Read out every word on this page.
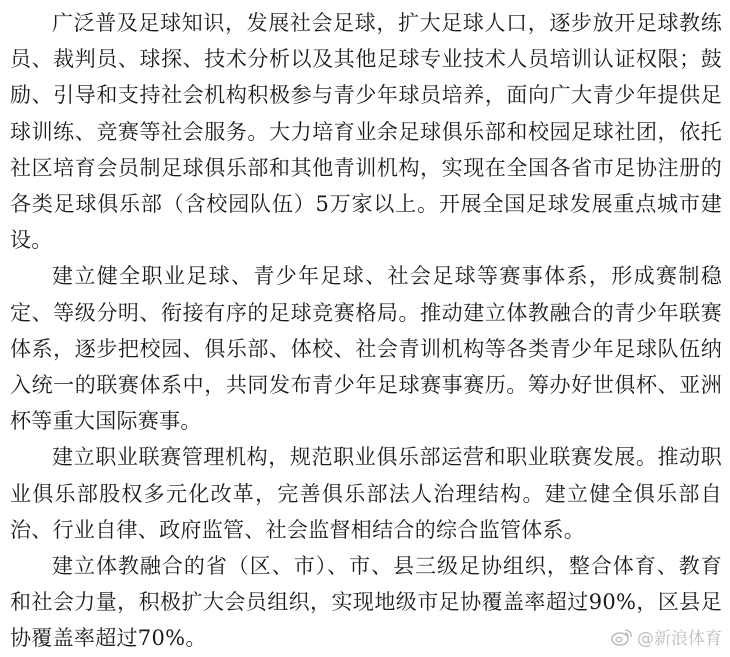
广泛普及足球知识，发展社会足球，扩大足球人口，逐步放开足球教练员、裁判员、球探、技术分析以及其他足球专业技术人员培训认证权限；鼓励、引导和支持社会机构积极参与青少年球员培养，面向广大青少年提供足球训练、竞赛等社会服务。大力培育业余足球俱乐部和校园足球社团，依托社区培育会员制足球俱乐部和其他青训机构，实现在全国各省市足协注册的各类足球俱乐部（含校园队伍）5万家以上。开展全国足球发展重点城市建设。

建立健全职业足球、青少年足球、社会足球等赛事体系，形成赛制稳定、等级分明、衔接有序的足球竞赛格局。推动建立体教融合的青少年联赛体系，逐步把校园、俱乐部、体校、社会青训机构等各类青少年足球队伍纳入统一的联赛体系中，共同发布青少年足球赛事赛历。筹办好世俱杯、亚洲杯等重大国际赛事。

建立职业联赛管理机构，规范职业俱乐部运营和职业联赛发展。推动职业俱乐部股权多元化改革，完善俱乐部法人治理结构。建立健全俱乐部自治、行业自律、政府监管、社会监督相结合的综合监管体系。

建立体教融合的省（区、市）、市、县三级足协组织，整合体育、教育和社会力量，积极扩大会员组织，实现地级市足协覆盖率超过90%，区县足协覆盖率超过70%。	@新浪体育
